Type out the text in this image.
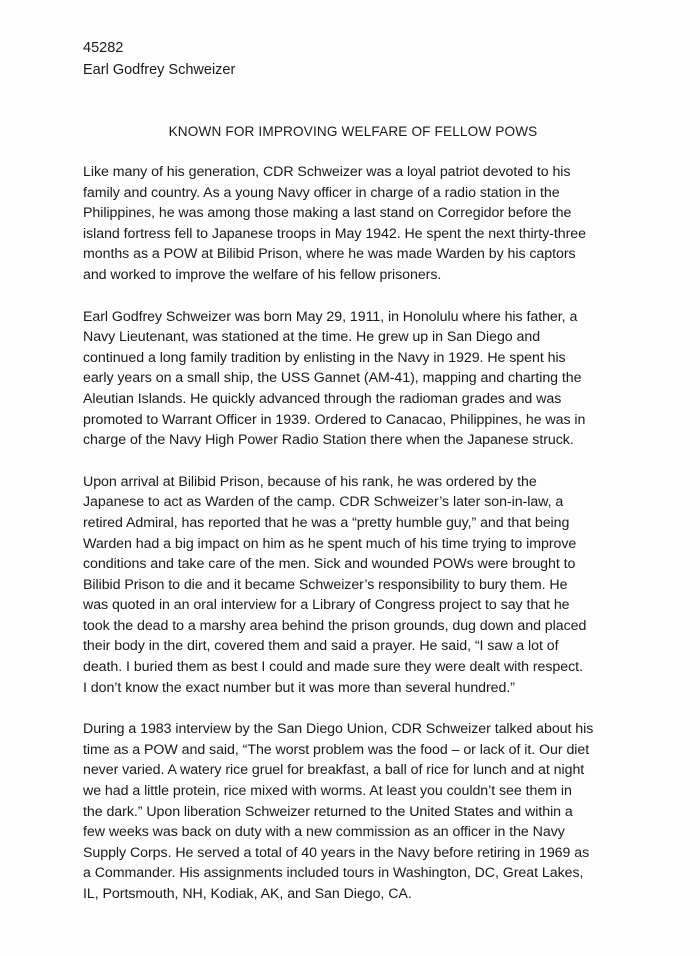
45282
Earl Godfrey Schweizer
KNOWN FOR IMPROVING WELFARE OF FELLOW POWS

Like many of his generation, CDR Schweizer was a loyal patriot devoted to his
family and country. As a young Navy officer in charge of a radio station in the
Philippines, he was among those making a last stand on Corregidor before the
island fortress fell to Japanese troops in May 1942. He spent the next thirty-three
months as a POW at Bilibid Prison, where he was made Warden by his captors
and worked to improve the welfare of his fellow prisoners.

Earl Godfrey Schweizer was born May 29, 1911, in Honolulu where his father, a
Navy Lieutenant, was stationed at the time. He grew up in San Diego and
continued a long family tradition by enlisting in the Navy in 1929. He spent his
early years on a small ship, the USS Gannet (AM-41), mapping and charting the
Aleutian Islands. He quickly advanced through the radioman grades and was
promoted to Warrant Officer in 1939. Ordered to Canacao, Philippines, he was in
charge of the Navy High Power Radio Station there when the Japanese struck.

Upon arrival at Bilibid Prison, because of his rank, he was ordered by the
Japanese to act as Warden of the camp. CDR Schweizer’s later son-in-law, a
retired Admiral, has reported that he was a “pretty humble guy,” and that being
Warden had a big impact on him as he spent much of his time trying to improve
conditions and take care of the men. Sick and wounded POWs were brought to
Bilibid Prison to die and it became Schweizer’s responsibility to bury them. He
was quoted in an oral interview for a Library of Congress project to say that he
took the dead to a marshy area behind the prison grounds, dug down and placed
their body in the dirt, covered them and said a prayer. He said, “I saw a lot of
death. I buried them as best I could and made sure they were dealt with respect.
I don’t know the exact number but it was more than several hundred.”

During a 1983 interview by the San Diego Union, CDR Schweizer talked about his
time as a POW and said, “The worst problem was the food – or lack of it. Our diet
never varied. A watery rice gruel for breakfast, a ball of rice for lunch and at night
we had a little protein, rice mixed with worms. At least you couldn’t see them in
the dark.” Upon liberation Schweizer returned to the United States and within a
few weeks was back on duty with a new commission as an officer in the Navy
Supply Corps. He served a total of 40 years in the Navy before retiring in 1969 as
a Commander. His assignments included tours in Washington, DC, Great Lakes,
IL, Portsmouth, NH, Kodiak, AK, and San Diego, CA.
